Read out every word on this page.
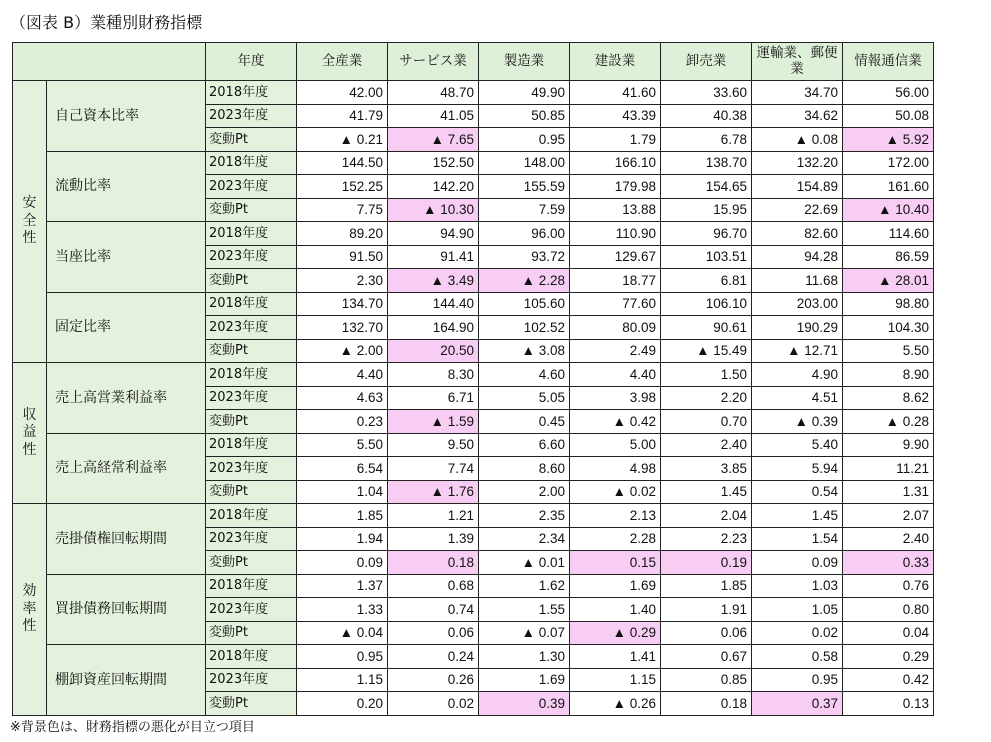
（図表 B）業種別財務指標
		年度	全産業	サービス業	製造業	建設業	卸売業	運輸業、郵便業	情報通信業
安全性	自己資本比率	2018年度	42.00	48.70	49.90	41.60	33.60	34.70	56.00
		2023年度	41.79	41.05	50.85	43.39	40.38	34.62	50.08
		変動Pt	▲ 0.21	▲ 7.65	0.95	1.79	6.78	▲ 0.08	▲ 5.92
	流動比率	2018年度	144.50	152.50	148.00	166.10	138.70	132.20	172.00
		2023年度	152.25	142.20	155.59	179.98	154.65	154.89	161.60
		変動Pt	7.75	▲ 10.30	7.59	13.88	15.95	22.69	▲ 10.40
	当座比率	2018年度	89.20	94.90	96.00	110.90	96.70	82.60	114.60
		2023年度	91.50	91.41	93.72	129.67	103.51	94.28	86.59
		変動Pt	2.30	▲ 3.49	▲ 2.28	18.77	6.81	11.68	▲ 28.01
	固定比率	2018年度	134.70	144.40	105.60	77.60	106.10	203.00	98.80
		2023年度	132.70	164.90	102.52	80.09	90.61	190.29	104.30
		変動Pt	▲ 2.00	20.50	▲ 3.08	2.49	▲ 15.49	▲ 12.71	5.50
収益性	売上高営業利益率	2018年度	4.40	8.30	4.60	4.40	1.50	4.90	8.90
		2023年度	4.63	6.71	5.05	3.98	2.20	4.51	8.62
		変動Pt	0.23	▲ 1.59	0.45	▲ 0.42	0.70	▲ 0.39	▲ 0.28
	売上高経常利益率	2018年度	5.50	9.50	6.60	5.00	2.40	5.40	9.90
		2023年度	6.54	7.74	8.60	4.98	3.85	5.94	11.21
		変動Pt	1.04	▲ 1.76	2.00	▲ 0.02	1.45	0.54	1.31
効率性	売掛債権回転期間	2018年度	1.85	1.21	2.35	2.13	2.04	1.45	2.07
		2023年度	1.94	1.39	2.34	2.28	2.23	1.54	2.40
		変動Pt	0.09	0.18	▲ 0.01	0.15	0.19	0.09	0.33
	買掛債務回転期間	2018年度	1.37	0.68	1.62	1.69	1.85	1.03	0.76
		2023年度	1.33	0.74	1.55	1.40	1.91	1.05	0.80
		変動Pt	▲ 0.04	0.06	▲ 0.07	▲ 0.29	0.06	0.02	0.04
	棚卸資産回転期間	2018年度	0.95	0.24	1.30	1.41	0.67	0.58	0.29
		2023年度	1.15	0.26	1.69	1.15	0.85	0.95	0.42
		変動Pt	0.20	0.02	0.39	▲ 0.26	0.18	0.37	0.13
※背景色は、財務指標の悪化が目立つ項目
